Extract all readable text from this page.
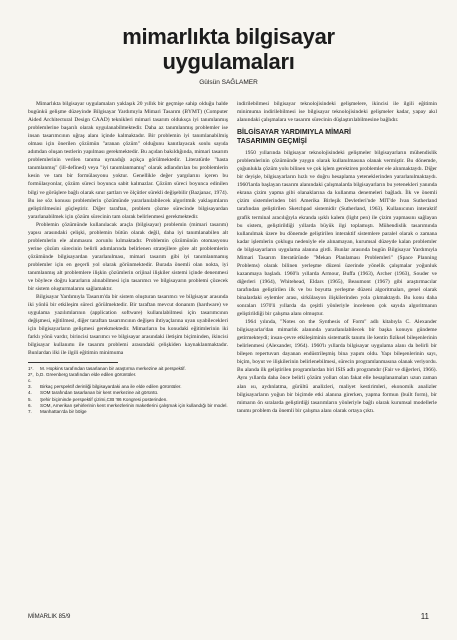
mimarlıkta bilgisayar
uygulamaları
Gülsün SAĞLAMER

Mimarlıkta bilgisayar uygulamaları yaklaşık 20 yıllık bir geçmişe sahip olduğu halde bugünkü gelişme düzeyinde Bilgisayar Yardımıyla Mimari Tasarım (BYMT) (Computer Aided Architectural Design CAAD) teknikleri mimari tasarım olduksça iyi tanımlanmış problemlerine başarılı olarak uygulanabilmektedir. Daha az tanımlanmış problemler ise insan tasarımcının uğraş alanı içinde kalmaktadır. Bir problemin iyi tanımlanabilmiş olması için önerilen çözümün "aranan çözüm" olduğunu kanıtlayacak sonlu sayıda adımdan oluşan testlerin yapılması gerekmektedir. Bu açıdan bakıldığında, mimari tasarım problemlerinin verilen tanıma uymadığı açıkça görülmektedir. Literatürde "hasta tanımlanmış" (ill-defined) veya "iyi tanımlanmamış" olarak adlandırılan bu problemlerin kesin ve tam bir formülasyonu yoktur. Genellikle değer yargılarını içeren bu formülasyonlar, çözüm süreci boyunca sabit kalmazlar. Çözüm süreci boyunca edinilen bilgi ve görüşlere bağlı olarak sınır şartları ve ölçütler sürekli değişebilir (Bazjanac, 1974). Bu ise söz konusu problemlerin çözümünde yararlanılabilecek algoritmik yaklaşımların geliştirilmesini güçleştirir. Diğer taraftan, problem çözme sürecinde bilgisayardan yararlanabilmek için çözüm sürecinin tam olarak belirlenmesi gerekmektedir.

Problemin çözümünde kullanılacak araçla (bilgisayar) problemin (mimari tasarım) yapısı arasındaki çelişki, problemin bütün olarak değil, daha iyi tanımlanabilen alt problemlerin ele alınmasını zorunlu kılmaktadır. Problemin çözümünün otomasyonu yerine çözüm sürecinin belirli adımlarında belirlenen stratejilere göre alt problemlerin çözümünde bilgisayardan yararlanılması, mimari tasarım gibi iyi tanımlanmamış problemler için en geçerli yol olarak görünmektedir. Burada önemli olan nokta, iyi tanımlanmış alt problemlere ilişkin çözümlerin orijinal ilişkiler sistemi içinde denenmesi ve böylece doğru kararların alınabilmesi için tasarımcı ve bilgisayarın problemi çözecek bir sistem oluşturmalarını sağlamaktır.

Bilgisayar Yardımıyla Tasarım'da bir sistem oluşturan tasarımcı ve bilgisayar arasında iki yönlü bir etkileşim süreci görülmektedir. Bir taraftan mevcut donanım (hardware) ve uygulama yazılımlarının (application software) kullanılabilmesi için tasarımcının değişmesi, eğitilmesi, diğer taraftan tasarımcının değişen ihtiyaçlarına uyan uyabilecekleri için bilgisayarların gelişmesi gerekmektedir. Mimarların bu konudaki eğitimlerinin iki farklı yönü vardır, birincisi tasarımcı ve bilgisayar arasındaki iletişim biçiminden, ikincisi bilgisayar kullanımı ile tasarım problemi arasındaki çelişkiden kaynaklanmaktadır. Bunlardan ilki ile ilgili eğitimin minimuma

1*.	M. Hopkins tarafından tasarlanan bir araştırma merkezine ait perspektif.
2*, b, c.
D. Greenberg tarafından elde edilen görüntüler.
3.	Birkaç perspektif derinliği bilgisayardaki ana ile elde edilen görüntüler.
4.	SOM tarafından tasarlanan bir kent merkezine ait görüntü.
5.	Şehir biçiminde perspektif çizimi,CIB '86 Kongresi posterinden.
6.	SOM, Amerikan şehirlerinin kent merkezlerinin maketlerini çalışmak için kullandığı bir model.
7.	Manhattan'da bir bölge

indirilebilmesi bilgisayar teknolojisindeki gelişmelere, ikincisi ile ilgili eğitimin minimuma indirilebilmesi ise bilgisayar teknolojisindeki gelişmeler kadar, yapay akıl alanındaki çalışmalara ve tasarım sürecinin düşlaştırılabilmesine bağlıdır.

BİLGİSAYAR YARDIMIYLA MİMARİ
TASARIMIN GEÇMİŞİ

1950 yıllarında bilgisayar teknolojisindeki gelişmeler bilgisayarların mühendislik problemlerinin çözümünde yaygın olarak kullanılmasına olanak vermiştir. Bu dönemde, çoğunlukla çözüm yolu bilinen ve çok işlem gerektiren problemler ele alınmaktaydı. Diğer bir deyişle, bilgisayarların hızlı ve doğru hesaplama yeteneklerinden yararlanılmaktaydı. 1960'larda başlayan tasarım alanındaki çalışmalarda bilgisayarların bu yetenekleri yanında ekrana çizim yapma gibi olanaklarına da kullanma denemeleri bağladı. İlk ve önemli çizim sistemlerinden biri Amerika Birleşik Devletleri'nde MIT'de Ivan Sutherland tarafından geliştirilen Sketchpad sistemidir (Sutherland, 1963). Kullanıcının interaktif grafik terminal aracılığıyla ekranda ışıklı kalem (light pen) ile çizim yapmasını sağlayan bu sistem, geliştirildiği yıllarda büyük ilgi toplamıştı. Mühendislik tasarımında kullanılmak üzere bu dönemde geliştirilen interaktif sistemlere paralel olarak o zamana kadar işlemlerin çoklugu nedeniyle ele alınamayan, kurumsal düzeyde kalan problemler de bilgisayarların uygulama alanına girdi. Bunlar arasında bugün Bilgisayar Yardımıyla Mimari Tasarım literatüründe "Mekan Planlaması Problemleri" (Space Planning Problems) olarak bilinen yerleşme düzeni üzerinde yönelik çalışmalar yoğunluk kazanmaya başladı. 1960'lı yıllarda Armour, Buffa (1963), Archer (1963), Souder ve diğerleri (1964), Whitehead, Eldars (1965), Beaumont (1967) gibi araştırmacılar tarafından geliştirilen ilk ve bu boyutta yerleşme düzeni algoritmaları, genel olarak binalardaki eylemler arası, sirkülasyon ilişkilerinden yola çıkmaktaydı. Bu konu daha sonraları 1970'li yıllarda da çeşitli yönleriyle incelenen çok sayıda algoritmanın geliştirildiği bir çalışma alanı olmuştur.

1964 yılında, "Notes on the Synthesis of Form" adlı kitabıyla C. Alexander bilgisayarlar'dan mimarlık alanında yararlanılabilecek bir başka konuyu gündeme getirmekteydi; insan-çevre etkileşiminin sistematik tanımı ile kentin fiziksel bileşenlerinin belirlenmesi (Alexander, 1964). 1960'lı yıllarda bilgisayar uygulama alanı da belirli bir bileşen repertuvarı dayanan endüstrileşmiş bina yapım oldu. Yapı bileşenlerinin sayı, biçim, boyut ve ilişkilerinin belirlenebilmesi, sürecin programlanmasına olanak veriyordu. Bu alanda ilk geliştirilen programlardan biri ISIS adlı programdır (Fair ve diğerleri, 1966). Aynı yıllarda daha önce belirli çözüm yolları olan fakat elle hesaplanamaları uzun zaman alan ısı, aydınlatma, gürültü analizleri, maliyet kestirimleri, ekonomik analizler bilgisayarların yoğun bir biçimde etki alanına girerken, yapma formun (built form), bir mimarın ön sıralarda geliştirdiği tasarımların yönleriyle bağlı olarak kurumsal modellerle tanımı problem da önemli bir çalışma alanı olarak ortaya çıktı.

MİMARLIK 85/9	11
